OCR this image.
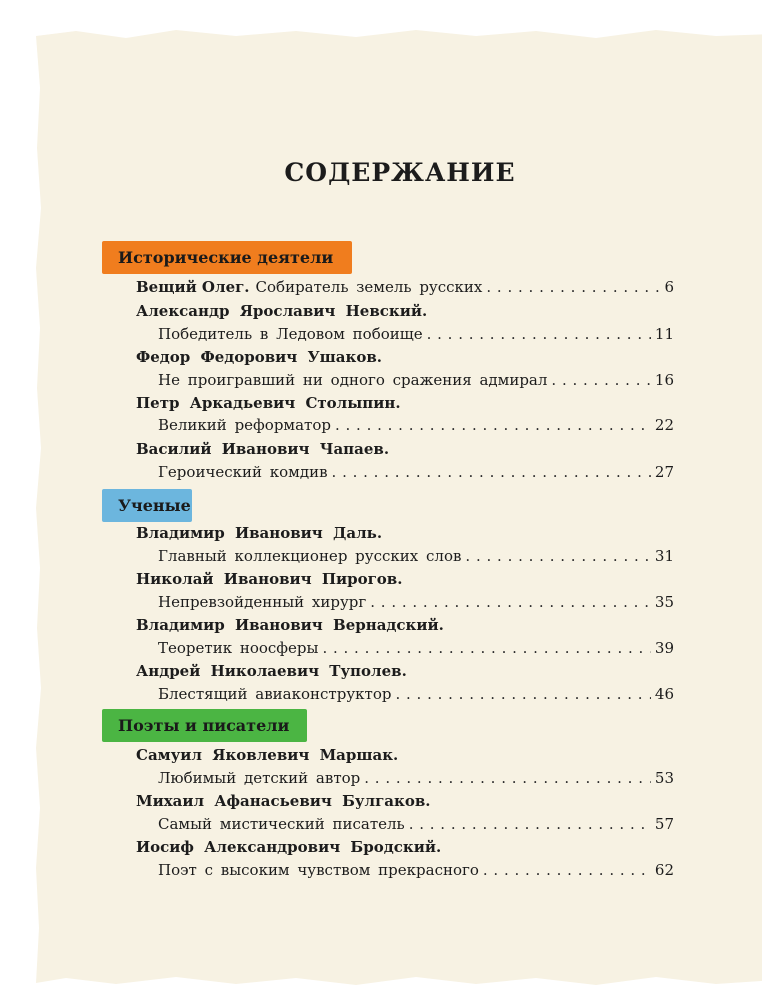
СОДЕРЖАНИЕ
Исторические деятели
Вещий Олег. Собиратель земель русских . . .	6
Александр Ярославич Невский.
Победитель в Ледовом побоище . . .	11
Федор Федорович Ушаков.
Не проигравший ни одного сражения адмирал . . .	16
Петр Аркадьевич Столыпин.
Великий реформатор . . .	22
Василий Иванович Чапаев.
Героический комдив . . .	27
Ученые
Владимир Иванович Даль.
Главный коллекционер русских слов . . .	31
Николай Иванович Пирогов.
Непревзойденный хирург . . .	35
Владимир Иванович Вернадский.
Теоретик ноосферы . . .	39
Андрей Николаевич Туполев.
Блестящий авиаконструктор . . .	46
Поэты и писатели
Самуил Яковлевич Маршак.
Любимый детский автор . . .	53
Михаил Афанасьевич Булгаков.
Самый мистический писатель . . .	57
Иосиф Александрович Бродский.
Поэт с высоким чувством прекрасного . . .	62
